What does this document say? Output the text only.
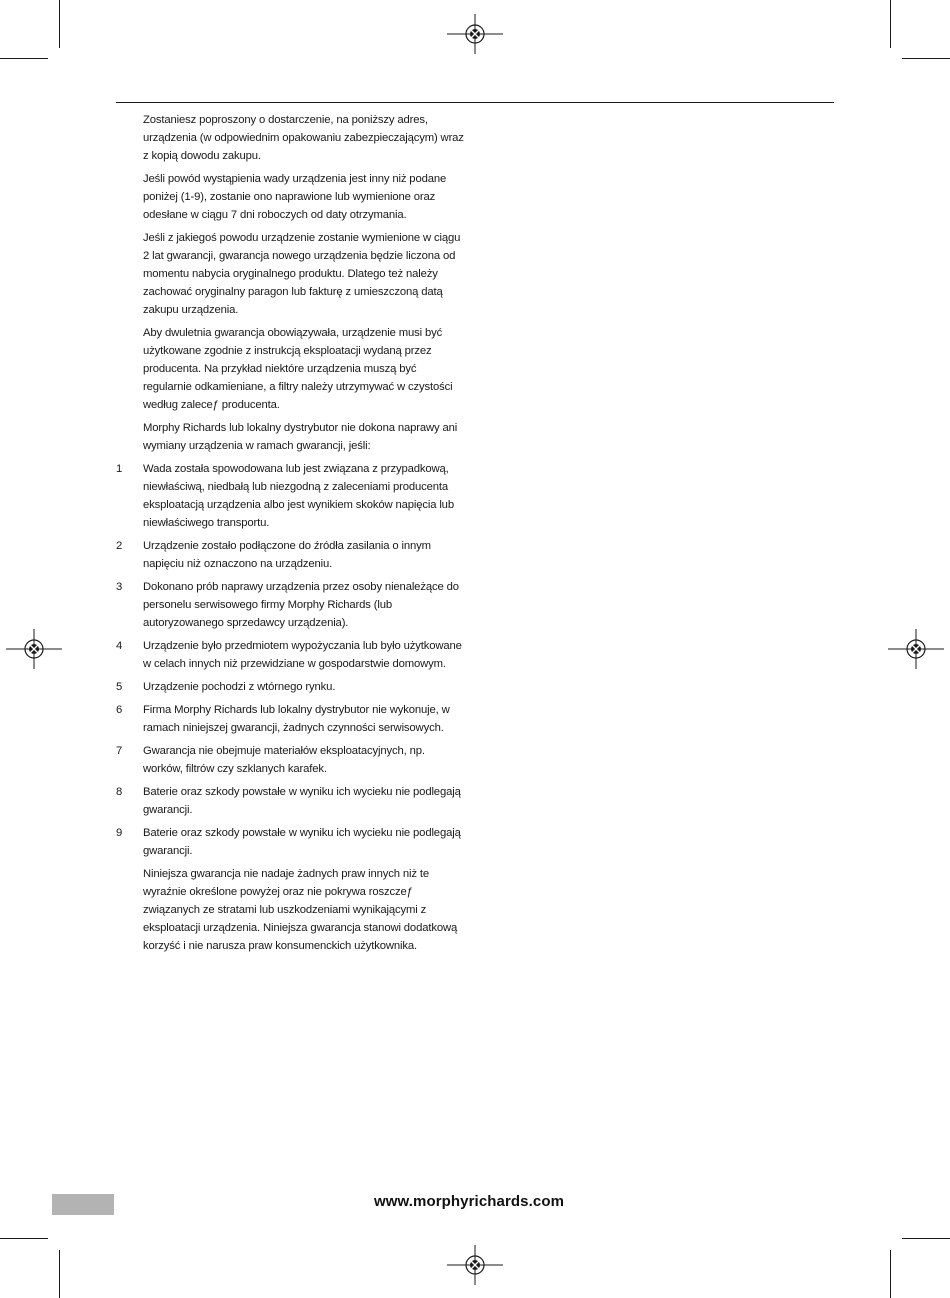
Zostaniesz poproszony o dostarczenie, na poniższy adres, urządzenia (w odpowiednim opakowaniu zabezpieczającym) wraz z kopią dowodu zakupu.

Jeśli powód wystąpienia wady urządzenia jest inny niż podane poniżej (1-9), zostanie ono naprawione lub wymienione oraz odesłane w ciągu 7 dni roboczych od daty otrzymania.

Jeśli z jakiegoś powodu urządzenie zostanie wymienione w ciągu 2 lat gwarancji, gwarancja nowego urządzenia będzie liczona od momentu nabycia oryginalnego produktu. Dlatego też należy zachować oryginalny paragon lub fakturę z umieszczoną datą zakupu urządzenia.

Aby dwuletnia gwarancja obowiązywała, urządzenie musi być użytkowane zgodnie z instrukcją eksploatacji wydaną przez producenta. Na przykład niektóre urządzenia muszą być regularnie odkamieniane, a filtry należy utrzymywać w czystości według zaleceƒ producenta.

Morphy Richards lub lokalny dystrybutor nie dokona naprawy ani wymiany urządzenia w ramach gwarancji, jeśli:

1	Wada została spowodowana lub jest związana z przypadkową, niewłaściwą, niedbałą lub niezgodną z zaleceniami producenta eksploatacją urządzenia albo jest wynikiem skoków napięcia lub niewłaściwego transportu.
2	Urządzenie zostało podłączone do źródła zasilania o innym napięciu niż oznaczono na urządzeniu.
3	Dokonano prób naprawy urządzenia przez osoby nienależące do personelu serwisowego firmy Morphy Richards (lub autoryzowanego sprzedawcy urządzenia).
4	Urządzenie było przedmiotem wypożyczania lub było użytkowane w celach innych niż przewidziane w gospodarstwie domowym.
5	Urządzenie pochodzi z wtórnego rynku.
6	Firma Morphy Richards lub lokalny dystrybutor nie wykonuje, w ramach niniejszej gwarancji, żadnych czynności serwisowych.
7	Gwarancja nie obejmuje materiałów eksploatacyjnych, np. worków, filtrów czy szklanych karafek.
8	Baterie oraz szkody powstałe w wyniku ich wycieku nie podlegają gwarancji.
9	Baterie oraz szkody powstałe w wyniku ich wycieku nie podlegają gwarancji.

Niniejsza gwarancja nie nadaje żadnych praw innych niż te wyraźnie określone powyżej oraz nie pokrywa roszczeƒ związanych ze stratami lub uszkodzeniami wynikającymi z eksploatacji urządzenia. Niniejsza gwarancja stanowi dodatkową korzyść i nie narusza praw konsumenckich użytkownika.

www.morphyrichards.com
